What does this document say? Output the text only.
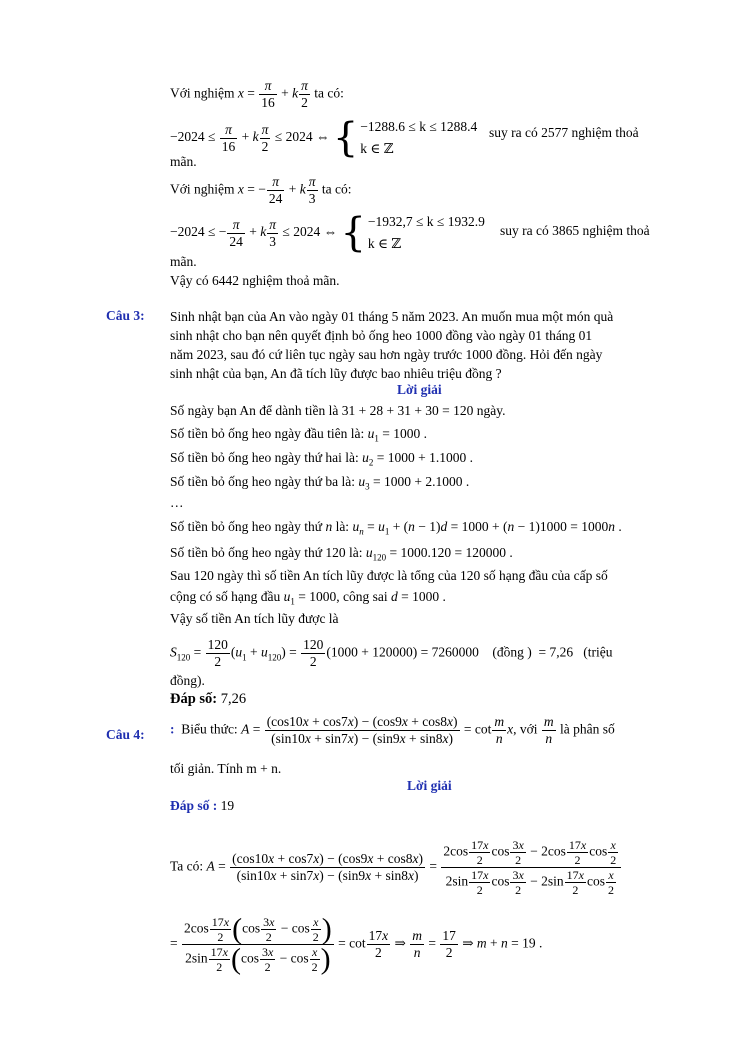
Với nghiệm $x = \frac{\pi}{16} + k \frac{\pi}{2}$ ta có:
$-2024 \le \frac{\pi}{16} + k \frac{\pi}{2} \le 2024$ ⇔ { −1288.6 ≤ k ≤ 1288.4
k ∈ ℤ
suy ra có 2577 nghiệm thoả
mãn.
Với nghiệm x = − $\frac{\pi}{24} + k \frac{\pi}{3}$ ta có:
−2024 ≤ − $\frac{\pi}{24} + k \frac{\pi}{3} \le 2024$ ⇔ { −1932,7 ≤ k ≤ 1932.9
k ∈ ℤ
suy ra có 3865 nghiệm thoả
mãn.
Vậy có 6442 nghiệm thoả mãn.
Câu 3: Sinh nhật bạn của An vào ngày 01 tháng 5 năm 2023. An muốn mua một món quà
sinh nhật cho bạn nên quyết định bỏ ống heo 1000 đồng vào ngày 01 tháng 01
năm 2023, sau đó cứ liên tục ngày sau hơn ngày trước 1000 đồng. Hỏi đến ngày
sinh nhật của bạn, An đã tích lũy được bao nhiêu triệu đồng ?
Lời giải
Số ngày bạn An để dành tiền là 31 + 28 + 31 + 30 = 120 ngày.
Số tiền bỏ ống heo ngày đầu tiên là: $u_1 = 1000$ .
Số tiền bỏ ống heo ngày thứ hai là: $u_2 = 1000 + 1.1000$ .
Số tiền bỏ ống heo ngày thứ ba là: $u_3 = 1000 + 2.1000$ .
…
Số tiền bỏ ống heo ngày thứ n là: $u_n = u_1 + (n - 1)d = 1000 + (n - 1)1000 = 1000n$ .
Số tiền bỏ ống heo ngày thứ 120 là: $u_{120} = 1000.120 = 120000$ .
Sau 120 ngày thì số tiền An tích lũy được là tổng của 120 số hạng đầu của cấp số
cộng có số hạng đầu $u_1 = 1000$, công sai d = 1000 .
Vậy số tiền An tích lũy được là
$S_{120} = \frac{120}{2} (u_1 + u_{120}) = \frac{120}{2} (1000 + 120000) = 7260000$    (đồng )  = 7,26   (triệu
đồng).
Đáp số: 7,26
Câu 4: : Biểu thức: $A = \frac{(\cos 10x + \cos 7x) - (\cos 9x + \cos 8x)}{(\sin 10x + \sin 7x) - (\sin 9x + \sin 8x)} = \cot \frac{m}{n} x$, với $\frac{m}{n}$ là phân số
tối giản. Tính m + n.
Lời giải
Đáp số : 19
Ta có: $A = \frac{(\cos 10x + \cos 7x) - (\cos 9x + \cos 8x)}{(\sin 10x + \sin 7x) - (\sin 9x + \sin 8x)} = \frac{2\cos \frac{17x}{2} \cos \frac{3x}{2} - 2\cos \frac{17x}{2} \cos \frac{x}{2}}{2\sin \frac{17x}{2} \cos \frac{3x}{2} - 2\sin \frac{17x}{2} \cos \frac{x}{2}}$
= $\frac{2\cos \frac{17x}{2} (\cos \frac{3x}{2} - \cos \frac{x}{2} )}{2\sin \frac{17x}{2} (\cos \frac{3x}{2} - \cos \frac{x}{2} )} = \cot \frac{17x}{2}$ ⇒ $\frac{m}{n} = \frac{17}{2}$ ⇒ m + n = 19 .
